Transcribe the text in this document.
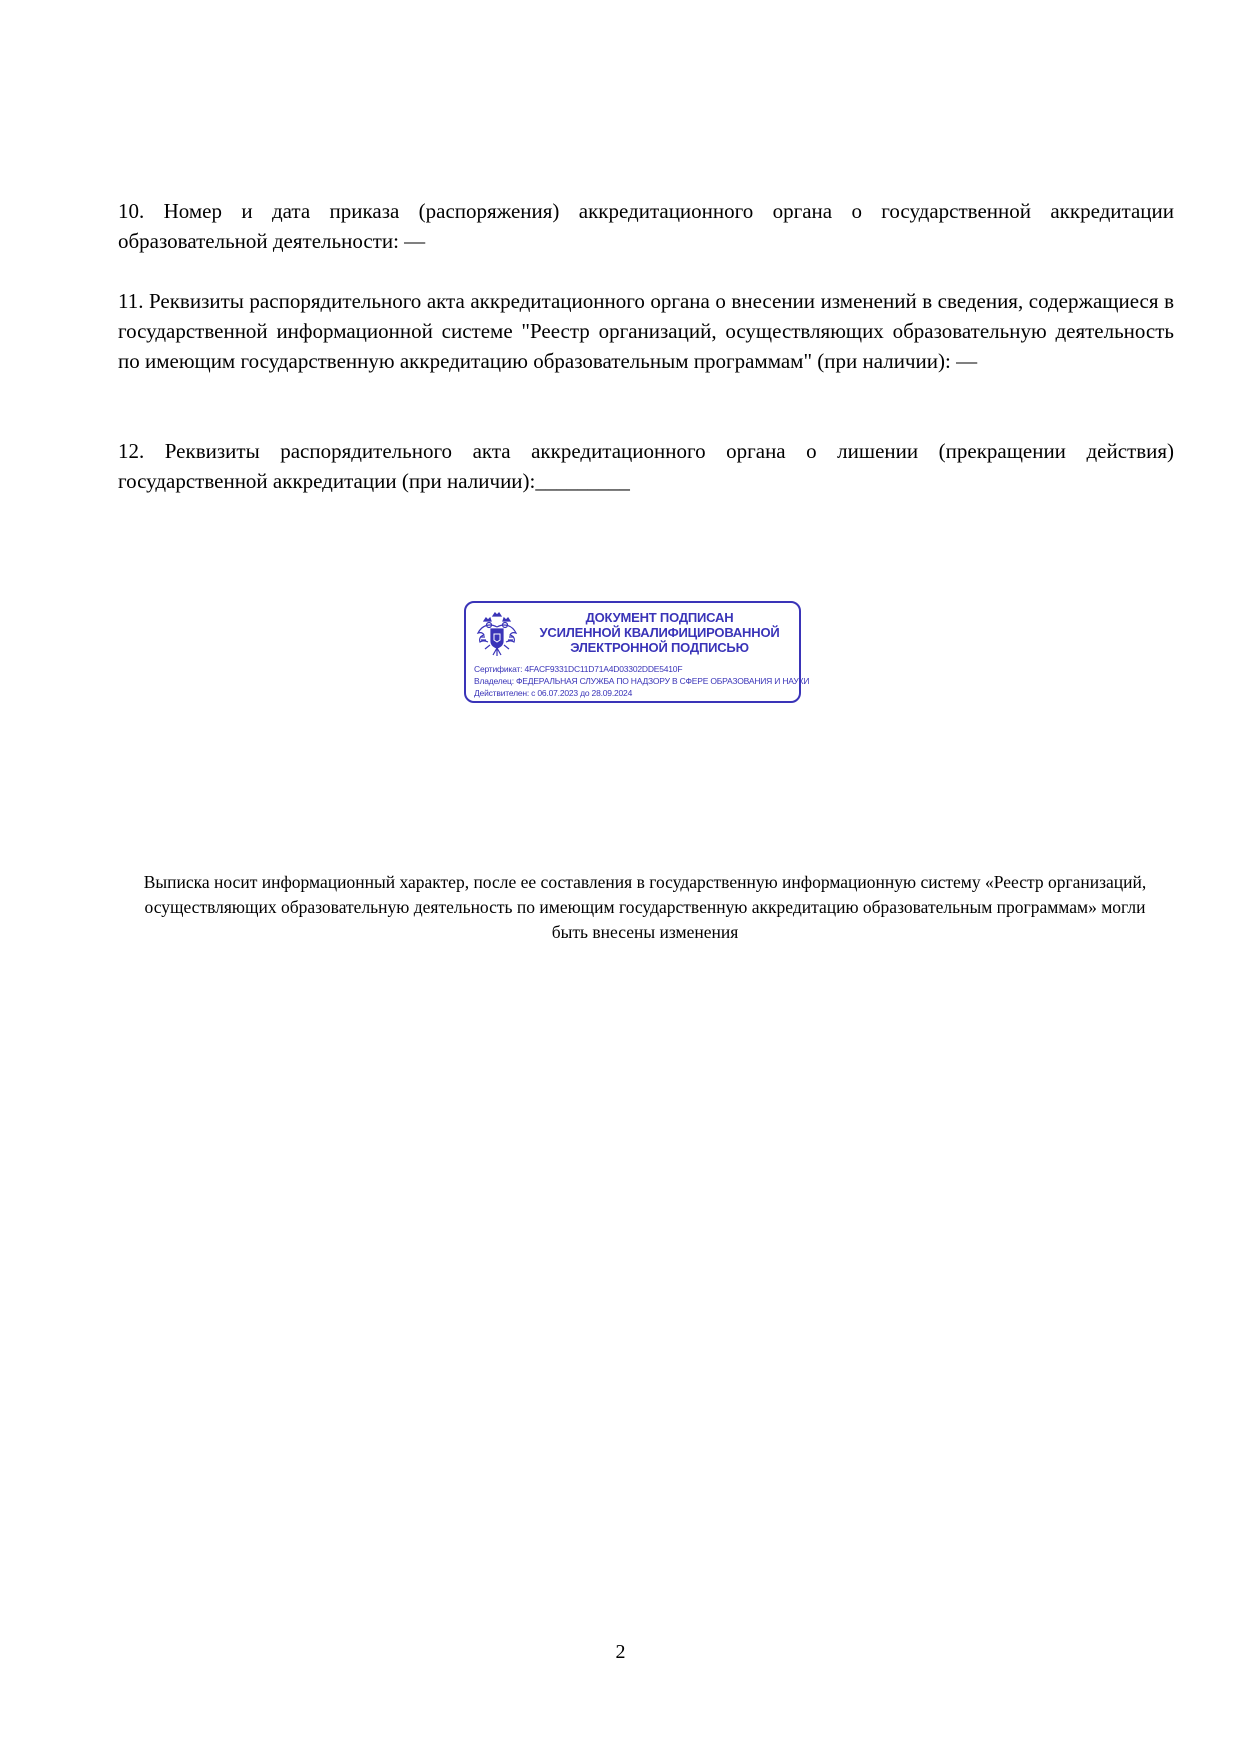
10. Номер и дата приказа (распоряжения) аккредитационного органа о государственной аккредитации образовательной деятельности: —

11. Реквизиты распорядительного акта аккредитационного органа о внесении изменений в сведения, содержащиеся в государственной информационной системе "Реестр организаций, осуществляющих образовательную деятельность по имеющим государственную аккредитацию образовательным программам" (при наличии): —

12. Реквизиты распорядительного акта аккредитационного органа о лишении (прекращении действия) государственной аккредитации (при наличии):_________

ДОКУМЕНТ ПОДПИСАН
УСИЛЕННОЙ КВАЛИФИЦИРОВАННОЙ
ЭЛЕКТРОННОЙ ПОДПИСЬЮ
Сертификат: 4FACF9331DC11D71A4D03302DDE5410F
Владелец: ФЕДЕРАЛЬНАЯ СЛУЖБА ПО НАДЗОРУ В СФЕРЕ ОБРАЗОВАНИЯ И НАУКИ
Действителен: с 06.07.2023 до 28.09.2024

Выписка носит информационный характер, после ее составления в государственную информационную систему «Реестр организаций, осуществляющих образовательную деятельность по имеющим государственную аккредитацию образовательным программам» могли быть внесены изменения

2
